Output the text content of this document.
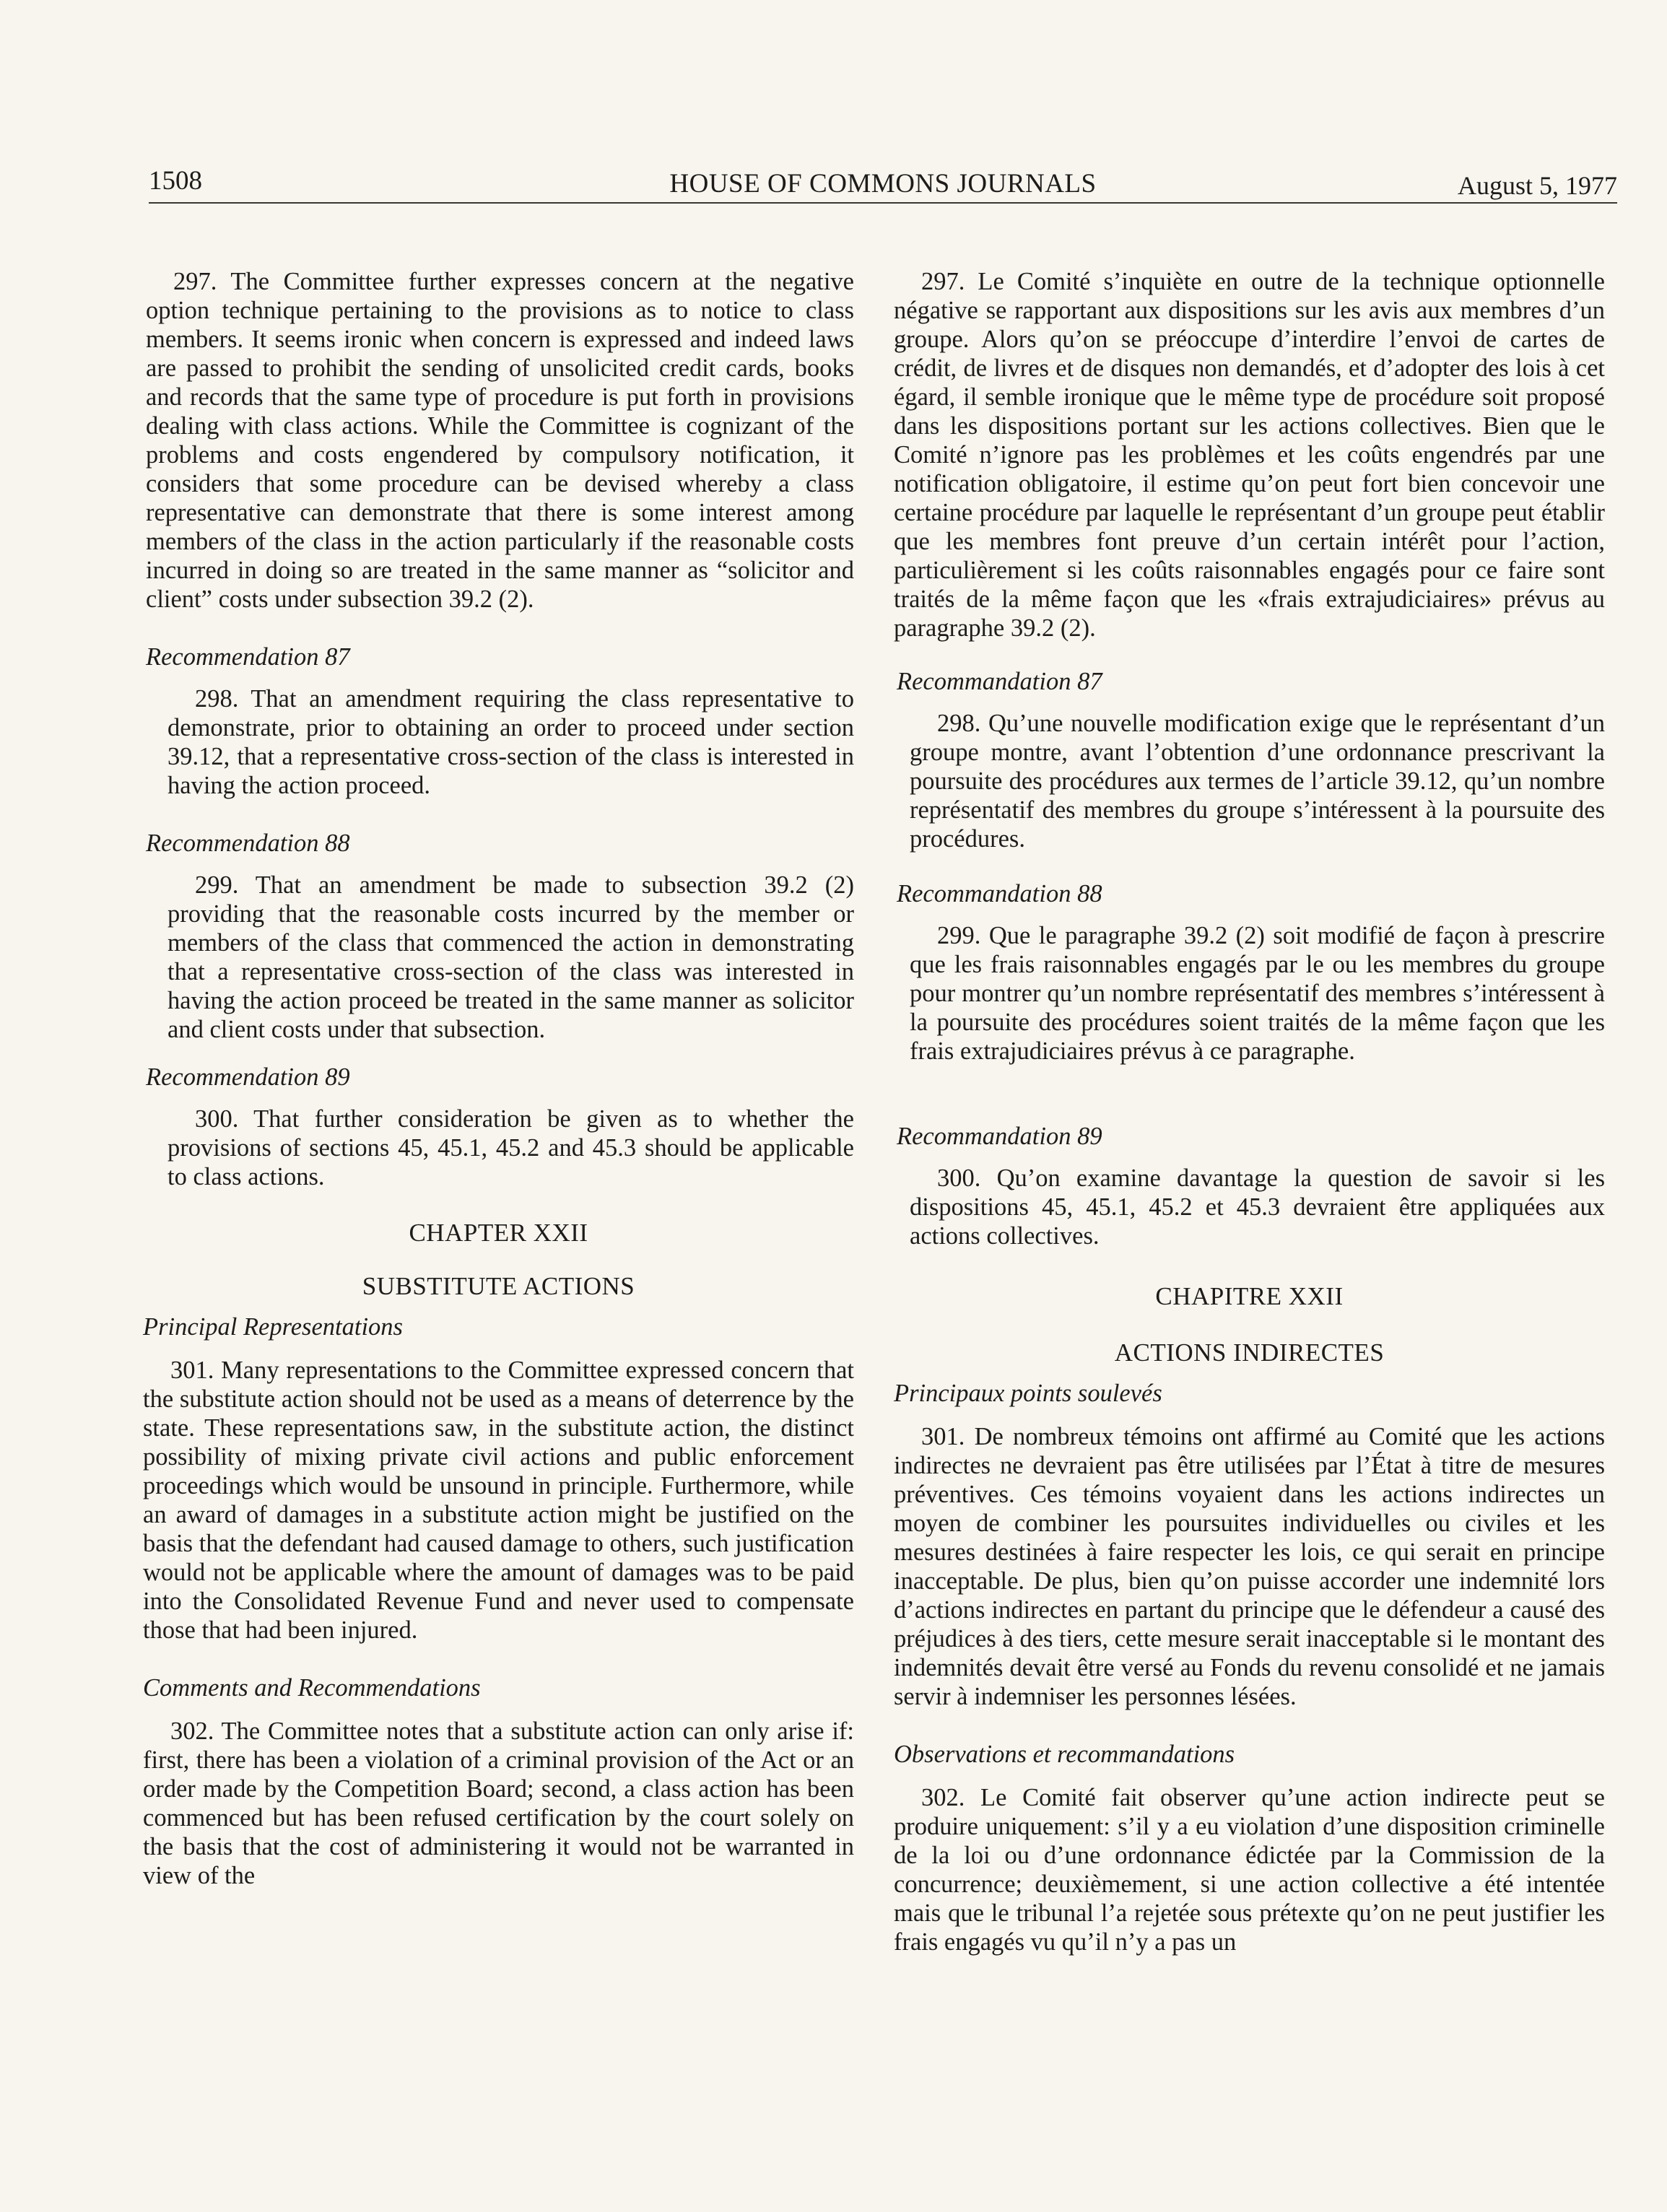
1508	HOUSE OF COMMONS JOURNALS	August 5, 1977

297. The Committee further expresses concern at the negative option technique pertaining to the provisions as to notice to class members. It seems ironic when concern is expressed and indeed laws are passed to prohibit the sending of unsolicited credit cards, books and records that the same type of procedure is put forth in provisions dealing with class actions. While the Committee is cognizant of the problems and costs engendered by compulsory notification, it considers that some procedure can be devised whereby a class representative can demonstrate that there is some interest among members of the class in the action particularly if the reasonable costs incurred in doing so are treated in the same manner as “solicitor and client” costs under subsection 39.2 (2).

Recommendation 87

298. That an amendment requiring the class representative to demonstrate, prior to obtaining an order to proceed under section 39.12, that a representative cross-section of the class is interested in having the action proceed.

Recommendation 88

299. That an amendment be made to subsection 39.2 (2) providing that the reasonable costs incurred by the member or members of the class that commenced the action in demonstrating that a representative cross-section of the class was interested in having the action proceed be treated in the same manner as solicitor and client costs under that subsection.

Recommendation 89

300. That further consideration be given as to whether the provisions of sections 45, 45.1, 45.2 and 45.3 should be applicable to class actions.

CHAPTER XXII

SUBSTITUTE ACTIONS

Principal Representations

301. Many representations to the Committee expressed concern that the substitute action should not be used as a means of deterrence by the state. These representations saw, in the substitute action, the distinct possibility of mixing private civil actions and public enforcement proceedings which would be unsound in principle. Furthermore, while an award of damages in a substitute action might be justified on the basis that the defendant had caused damage to others, such justification would not be applicable where the amount of damages was to be paid into the Consolidated Revenue Fund and never used to compensate those that had been injured.

Comments and Recommendations

302. The Committee notes that a substitute action can only arise if: first, there has been a violation of a criminal provision of the Act or an order made by the Competition Board; second, a class action has been commenced but has been refused certification by the court solely on the basis that the cost of administering it would not be warranted in view of the

297. Le Comité s’inquiète en outre de la technique optionnelle négative se rapportant aux dispositions sur les avis aux membres d’un groupe. Alors qu’on se préoccupe d’interdire l’envoi de cartes de crédit, de livres et de disques non demandés, et d’adopter des lois à cet égard, il semble ironique que le même type de procédure soit proposé dans les dispositions portant sur les actions collectives. Bien que le Comité n’ignore pas les problèmes et les coûts engendrés par une notification obligatoire, il estime qu’on peut fort bien concevoir une certaine procédure par laquelle le représentant d’un groupe peut établir que les membres font preuve d’un certain intérêt pour l’action, particulièrement si les coûts raisonnables engagés pour ce faire sont traités de la même façon que les «frais extrajudiciaires» prévus au paragraphe 39.2 (2).

Recommandation 87

298. Qu’une nouvelle modification exige que le représentant d’un groupe montre, avant l’obtention d’une ordonnance prescrivant la poursuite des procédures aux termes de l’article 39.12, qu’un nombre représentatif des membres du groupe s’intéressent à la poursuite des procédures.

Recommandation 88

299. Que le paragraphe 39.2 (2) soit modifié de façon à prescrire que les frais raisonnables engagés par le ou les membres du groupe pour montrer qu’un nombre représentatif des membres s’intéressent à la poursuite des procédures soient traités de la même façon que les frais extrajudiciaires prévus à ce paragraphe.

Recommandation 89

300. Qu’on examine davantage la question de savoir si les dispositions 45, 45.1, 45.2 et 45.3 devraient être appliquées aux actions collectives.

CHAPITRE XXII

ACTIONS INDIRECTES

Principaux points soulevés

301. De nombreux témoins ont affirmé au Comité que les actions indirectes ne devraient pas être utilisées par l’État à titre de mesures préventives. Ces témoins voyaient dans les actions indirectes un moyen de combiner les poursuites individuelles ou civiles et les mesures destinées à faire respecter les lois, ce qui serait en principe inacceptable. De plus, bien qu’on puisse accorder une indemnité lors d’actions indirectes en partant du principe que le défendeur a causé des préjudices à des tiers, cette mesure serait inacceptable si le montant des indemnités devait être versé au Fonds du revenu consolidé et ne jamais servir à indemniser les personnes lésées.

Observations et recommandations

302. Le Comité fait observer qu’une action indirecte peut se produire uniquement: s’il y a eu violation d’une disposition criminelle de la loi ou d’une ordonnance édictée par la Commission de la concurrence; deuxièmement, si une action collective a été intentée mais que le tribunal l’a rejetée sous prétexte qu’on ne peut justifier les frais engagés vu qu’il n’y a pas un
